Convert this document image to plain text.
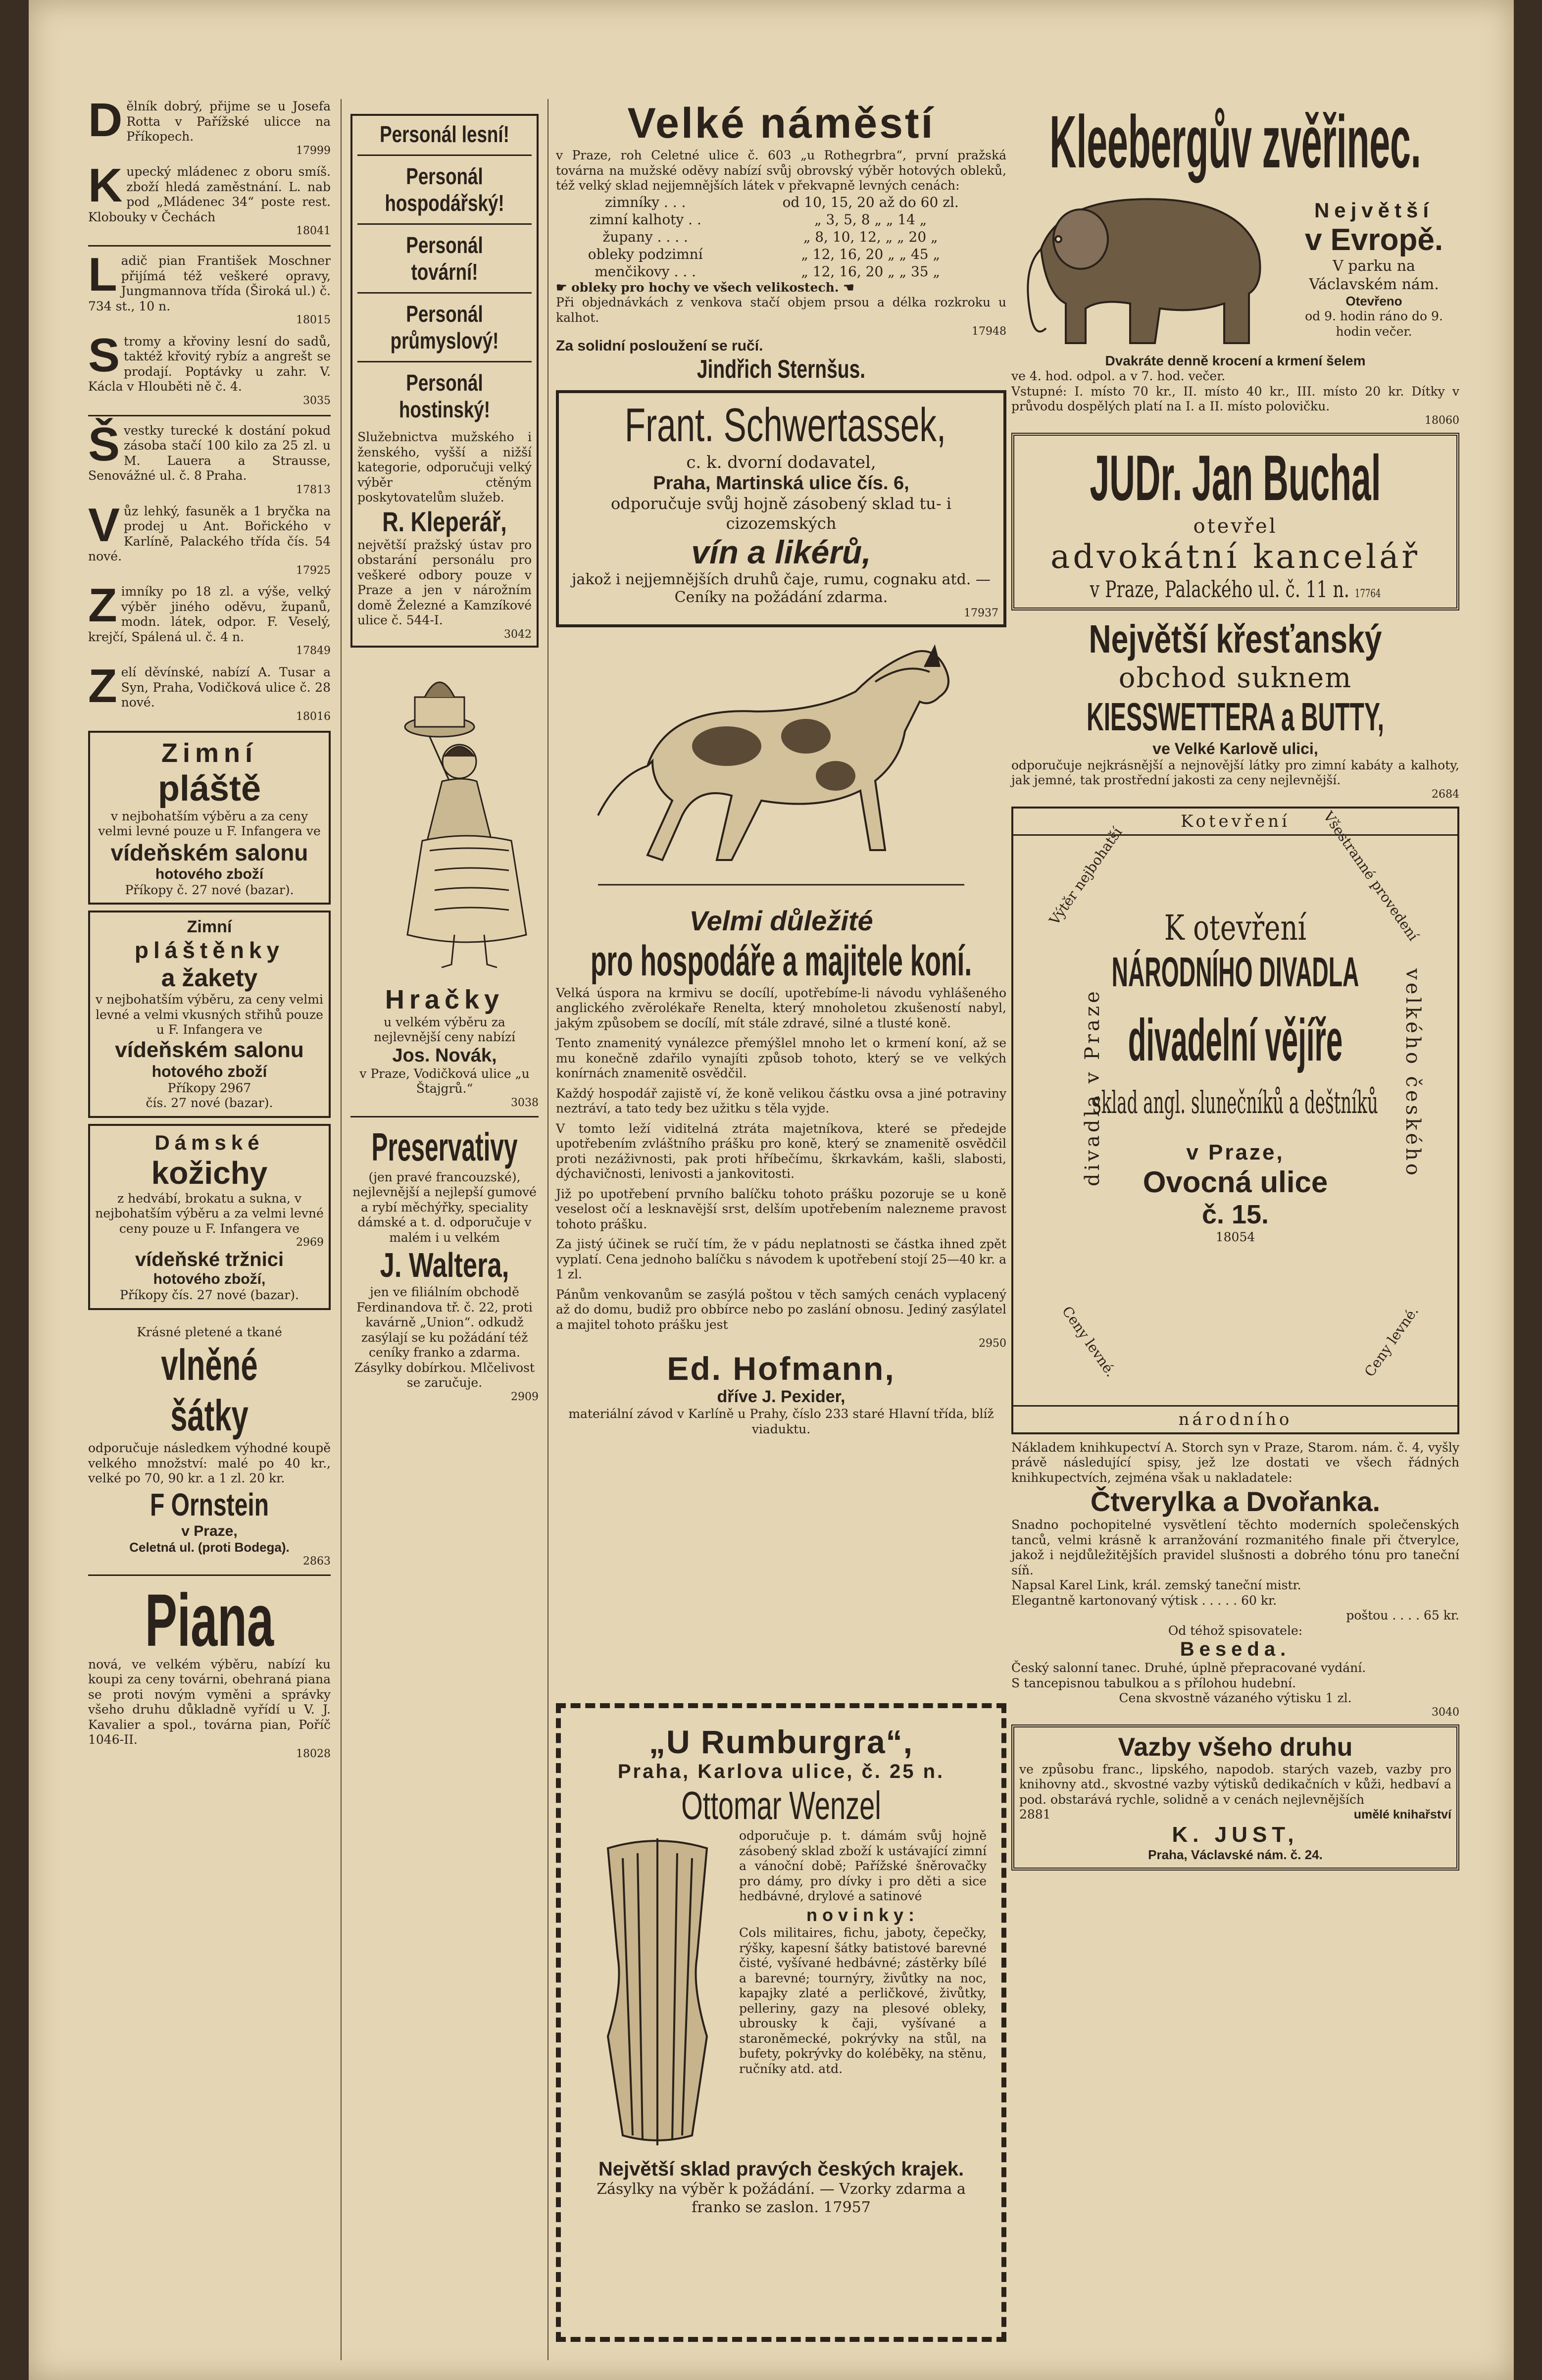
Dělník dobrý, přijme se u Josefa Rotta v Pařížské ulicce na Příkopech.
17999
Kupecký mládenec z oboru smíš. zboží hledá zaměstnání. L. nab pod „Mládenec 34“ poste rest. Klobouky v Čechách
18041
Ladič pian František Moschner přijímá též veškeré opravy, Jungmannova třída (Široká ul.) č. 734 st., 10 n.
18015
Stromy a křoviny lesní do sadů, taktéž křovitý rybíz a angrešt se prodají. Poptávky u zahr. V. Kácla v Hlouběti ně č. 4.
3035
Švestky turecké k dostání pokud zásoba stačí 100 kilo za 25 zl. u M. Lauera a Strausse, Senovážné ul. č. 8 Praha.
17813
Vůz lehký, fasuněk a 1 bryčka na prodej u Ant. Bořického v Karlíně, Palackého třída čís. 54 nové.
17925
Zimníky po 18 zl. a výše, velký výběr jiného oděvu, županů, modn. látek, odpor. F. Veselý, krejčí, Spálená ul. č. 4 n.
17849
Zelí děvínské, nabízí A. Tusar a Syn, Praha, Vodičková ulice č. 28 nové.
18016
Zimní
pláště
v nejbohatším výběru a za ceny velmi levné pouze u F. Infangera ve
vídeňském salonu
hotového zboží
Příkopy č. 27 nové (bazar).
Zimní
pláštěnky
a žakety
v nejbohatším výběru, za ceny velmi levné a velmi vkusných střihů pouze u F. Infangera ve
vídeňském salonu
hotového zboží
Příkopy 2967
čís. 27 nové (bazar).
Dámské
kožichy
z hedvábí, brokatu a sukna, v nejbohatším výběru a za velmi levné ceny pouze u F. Infangera ve
2969
vídeňské tržnici
hotového zboží,
Příkopy čís. 27 nové (bazar).
Krásné pletené a tkané
vlněné šátky
odporučuje následkem výhodné koupě velkého množství: malé po 40 kr., velké po 70, 90 kr. a 1 zl. 20 kr.
F Ornstein
v Praze,
Celetná ul. (proti Bodega).
2863
Piana
nová, ve velkém výběru, nabízí ku koupi za ceny továrni, obehraná piana se proti novým vyměni a správky všeho druhu důkladně vyřídí u V. J. Kavalier a spol., továrna pian, Poříč 1046-II.
18028
Personál lesní!
Personál hospodářský!
Personál tovární!
Personál průmyslový!
Personál hostinský!
Služebnictva mužského i ženského, vyšší a nižší kategorie, odporučuji velký výběr ctěným poskytovatelům služeb.
R. Kleperář,
největší pražský ústav pro obstarání personálu pro veškeré odbory pouze v Praze a jen v nárožním domě Železné a Kamzíkové ulice č. 544-I.
3042
Hračky
u velkém výběru za nejlevnější ceny nabízí
Jos. Novák,
v Praze, Vodičková ulice „u Štajgrů.“
3038
Preservativy
(jen pravé francouzské), nejlevnější a nejlepší gumové a rybí měchýřky, speciality dámské a t. d. odporučuje v malém i u velkém
J. Waltera,
jen ve filiálním obchodě Ferdinandova tř. č. 22, proti kavárně „Union“. odkudž zasýlají se ku požádání též ceníky franko a zdarma. Zásylky dobírkou. Mlčelivost se zaručuje.
2909
Velké náměstí
v Praze, roh Celetné ulice č. 603 „u Rothegrbra“, první pražská továrna na mužské oděvy nabízí svůj obrovský výběr hotových obleků, též velký sklad nejjemnějších látek v překvapně levných cenách:
zimníky . . .	od 10, 15, 20 až do 60 zl.
zimní kalhoty . .	„ 3, 5, 8 „ „ 14 „
župany . . . .	„ 8, 10, 12, „ „ 20 „
obleky podzimní	„ 12, 16, 20 „ „ 45 „
menčikovy . . .	„ 12, 16, 20 „ „ 35 „
☛ obleky pro hochy ve všech velikostech. ☚
Při objednávkách z venkova stačí objem prsou a délka rozkroku u kalhot.
17948
Za solidní posloužení se ručí.
Jindřich Sternšus.
Frant. Schwertassek,
c. k. dvorní dodavatel,
Praha, Martinská ulice čís. 6,
odporučuje svůj hojně zásobený sklad tu- i cizozemských
vín a likérů,
jakož i nejjemnějších druhů čaje, rumu, cognaku atd. — Ceníky na požádání zdarma.
17937
Velmi důležité
pro hospodáře a majitele koní.

Velká úspora na krmivu se docílí, upotřebíme-li návodu vyhlášeného anglického zvěrolékaře Renelta, který mnoholetou zkušeností nabyl, jakým způsobem se docílí, mít stále zdravé, silné a tlusté koně.

Tento znamenitý vynálezce přemýšlel mnoho let o krmení koní, až se mu konečně zdařilo vynajíti způsob tohoto, který se ve velkých konírnách znamenitě osvědčil.

Každý hospodář zajistě ví, že koně velikou částku ovsa a jiné potraviny neztráví, a tato tedy bez užitku s těla vyjde.

V tomto leží viditelná ztráta majetníkova, které se předejde upotřebením zvláštního prášku pro koně, který se znamenitě osvědčil proti nezáživnosti, pak proti hříbečímu, škrkavkám, kašli, slabosti, dýchavičnosti, lenivosti a jankovitosti.

Již po upotřebení prvního balíčku tohoto prášku pozoruje se u koně veselost očí a lesknavější srst, delším upotřebením nalezneme pravost tohoto prášku.

Za jistý účinek se ručí tím, že v pádu neplatnosti se částka ihned zpět vyplatí. Cena jednoho balíčku s návodem k upotřebení stojí 25—40 kr. a 1 zl.

Pánům venkovanům se zasýlá poštou v těch samých cenách vyplacený až do domu, budiž pro obbírce nebo po zaslání obnosu. Jediný zasýlatel a majitel tohoto prášku jest

2950
Ed. Hofmann,
dříve J. Pexider,
materiální závod v Karlíně u Prahy, číslo 233 staré Hlavní třída, blíž viaduktu.
Kleebergův zvěřinec.
Největší
v Evropě.
V parku na Václavském nám.
Otevřeno
od 9. hodin ráno do 9. hodin večer.
Dvakráte denně krocení a krmení šelem
ve 4. hod. odpol. a v 7. hod. večer.
Vstupné: I. místo 70 kr., II. místo 40 kr., III. místo 20 kr. Dítky v průvodu dospělých platí na I. a II. místo polovičku.
18060
JUDr. Jan Buchal
otevřel
advokátní kancelář
v Praze, Palackého ul. č. 11 n. 17764
Největší křesťanský
obchod suknem
KIESSWETTERA a BUTTY,
ve Velké Karlově ulici,
odporučuje nejkrásnější a nejnovější látky pro zimní kabáty a kalhoty, jak jemné, tak prostřední jakosti za ceny nejlevnější.
2684
Kotevření
divadla v Praze	velkého českého
Výtěr nejbohatší	Všestranné provedení
Ceny levné.	Ceny levné.
K otevření
NÁRODNÍHO DIVADLA
divadelní vějíře
sklad angl. slunečníků a deštníků
v Praze,
Ovocná ulice
č. 15.
18054
národního
Nákladem knihkupectví A. Storch syn v Praze, Starom. nám. č. 4, vyšly právě následující spisy, jež lze dostati ve všech řádných knihkupectvích, zejména však u nakladatele:
Čtverylka a Dvořanka.
Snadno pochopitelné vysvětlení těchto moderních společenských tanců, velmi krásně k arranžování rozmanitého finale při čtverylce, jakož i nejdůležitějších pravidel slušnosti a dobrého tónu pro taneční síň.
Napsal Karel Link, král. zemský taneční mistr.
Elegantně kartonovaný výtisk . . . . . 60 kr.
poštou . . . . 65 kr.
Od téhož spisovatele:
Beseda.
Český salonní tanec. Druhé, úplně přepracované vydání.
S tancepisnou tabulkou a s přílohou hudební.
Cena skvostně vázaného výtisku 1 zl.
3040
Vazby všeho druhu
ve způsobu franc., lipského, napodob. starých vazeb, vazby pro knihovny atd., skvostné vazby výtisků dedikačních v kůži, hedbaví a pod. obstarává rychle, solidně a v cenách nejlevnějších
2881	umělé knihařství
K. JUST,
Praha, Václavské nám. č. 24.
„U Rumburgra“,
Praha, Karlova ulice, č. 25 n.
Ottomar Wenzel
odporučuje p. t. dámám svůj hojně zásobený sklad zboží k ustávající zimní a vánoční době; Pařížské šněrovačky pro dámy, pro dívky i pro děti a sice hedbávné, drylové a satinové
novinky:
Cols militaires, fichu, jaboty, čepečky, rýšky, kapesní šátky batistové barevné čisté, vyšívané hedbávné; zástěrky bílé a barevné; tournýry, živůtky na noc, kapajky zlaté a perličkové, živůtky, pelleriny, gazy na plesové obleky, ubrousky k čaji, vyšívané a staroněmecké, pokrývky na stůl, na bufety, pokrývky do koléběky, na stěnu, ručníky atd. atd.
Největší sklad pravých českých krajek.
Zásylky na výběr k požádání. — Vzorky zdarma a franko se zaslon. 17957
